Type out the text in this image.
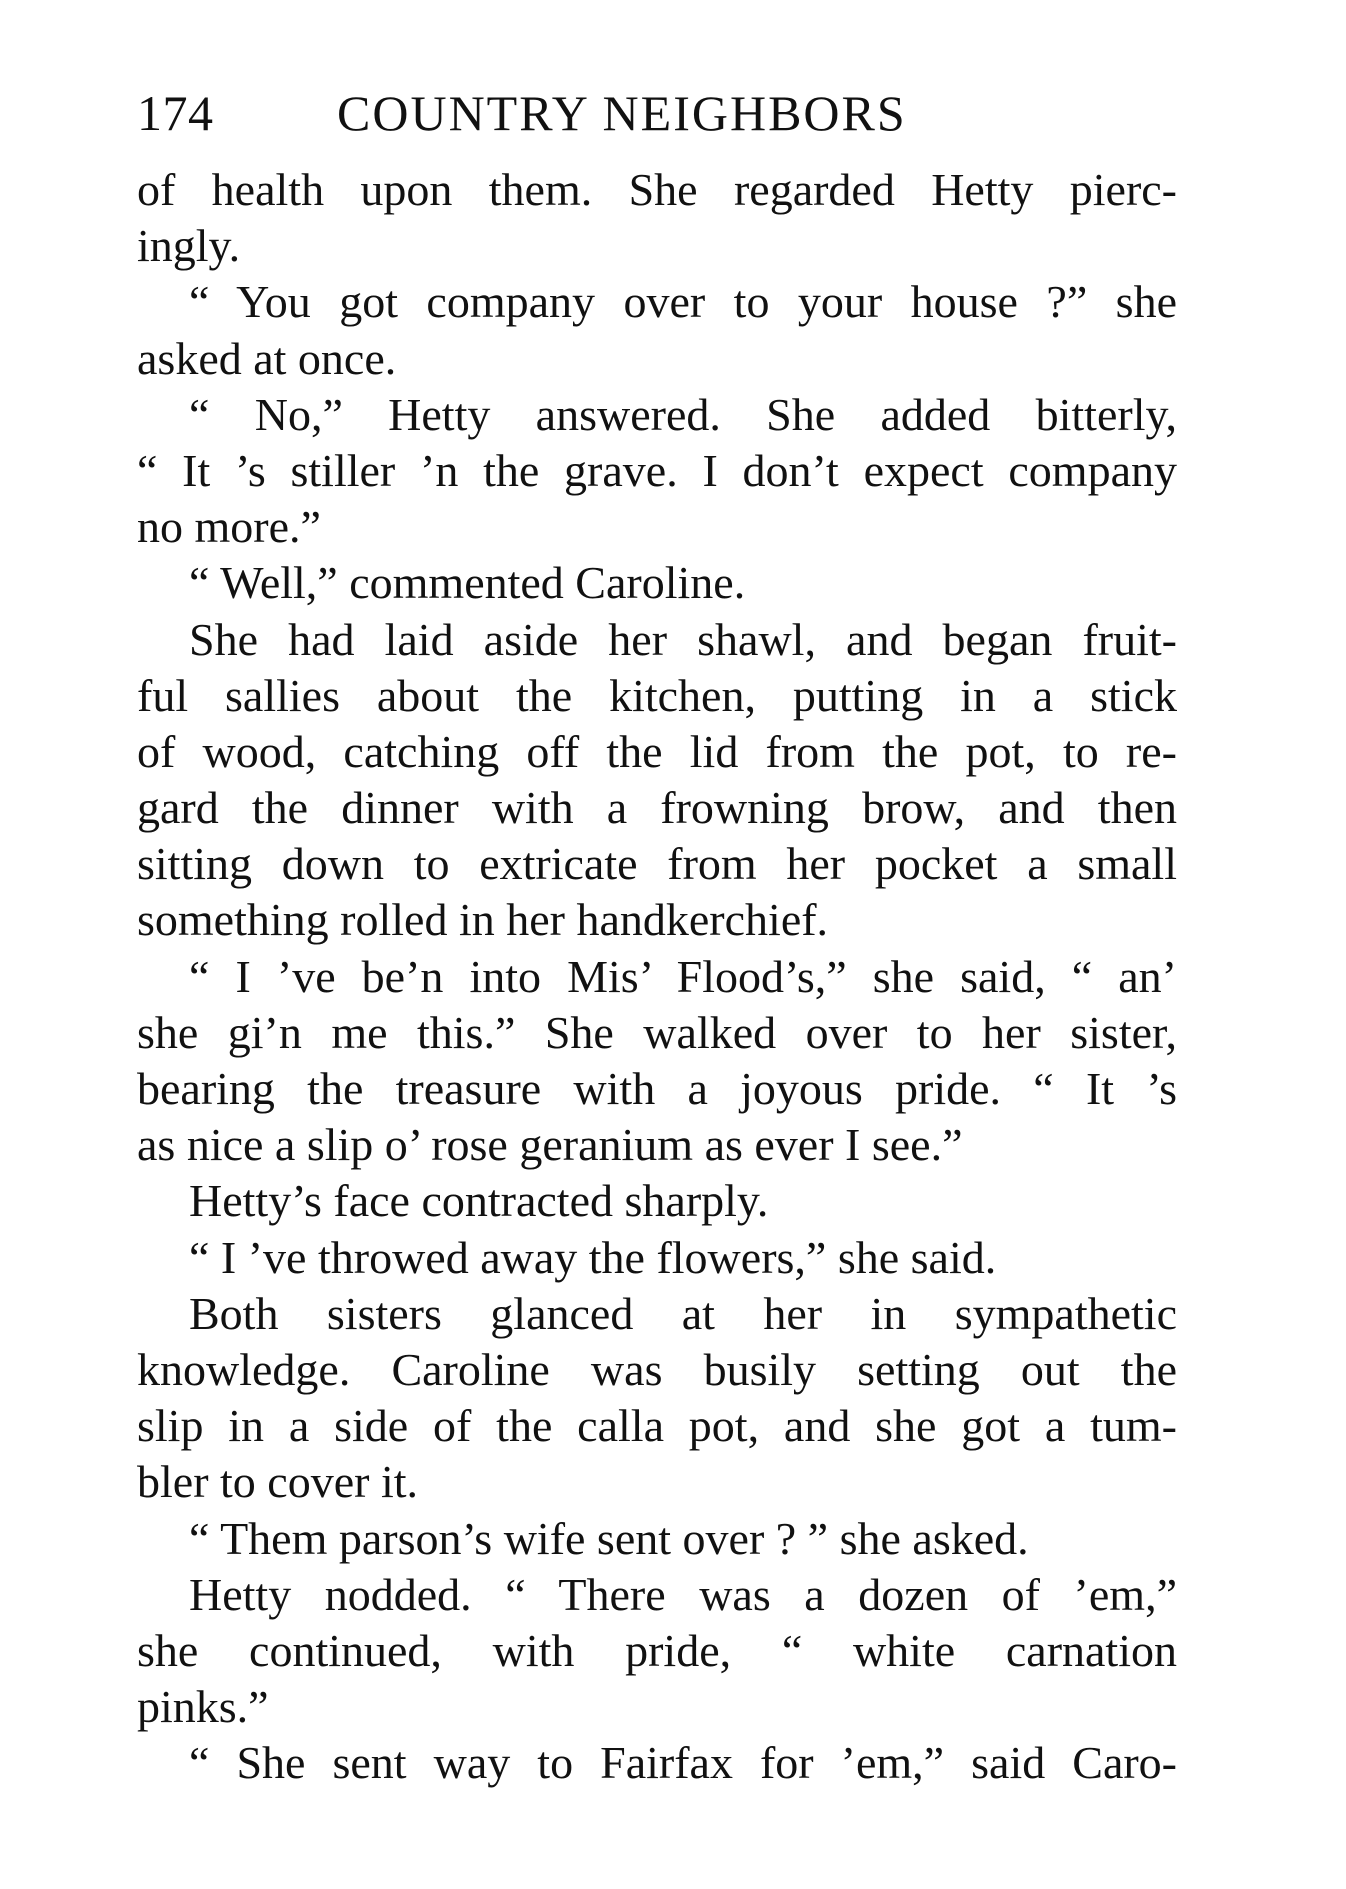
174 COUNTRY NEIGHBORS
of health upon them. She regarded Hetty pierc-
ingly.
“ You got company over to your house ?” she
asked at once.
“ No,” Hetty answered. She added bitterly,
“ It ’s stiller ’n the grave. I don’t expect company
no more.”
“ Well,” commented Caroline.
She had laid aside her shawl, and began fruit-
ful sallies about the kitchen, putting in a stick
of wood, catching off the lid from the pot, to re-
gard the dinner with a frowning brow, and then
sitting down to extricate from her pocket a small
something rolled in her handkerchief.
“ I ’ve be’n into Mis’ Flood’s,” she said, “ an’
she gi’n me this.” She walked over to her sister,
bearing the treasure with a joyous pride. “ It ’s
as nice a slip o’ rose geranium as ever I see.”
Hetty’s face contracted sharply.
“ I ’ve throwed away the flowers,” she said.
Both sisters glanced at her in sympathetic
knowledge. Caroline was busily setting out the
slip in a side of the calla pot, and she got a tum-
bler to cover it.
“ Them parson’s wife sent over ? ” she asked.
Hetty nodded. “ There was a dozen of ’em,”
she continued, with pride, “ white carnation
pinks.”
“ She sent way to Fairfax for ’em,” said Caro-
